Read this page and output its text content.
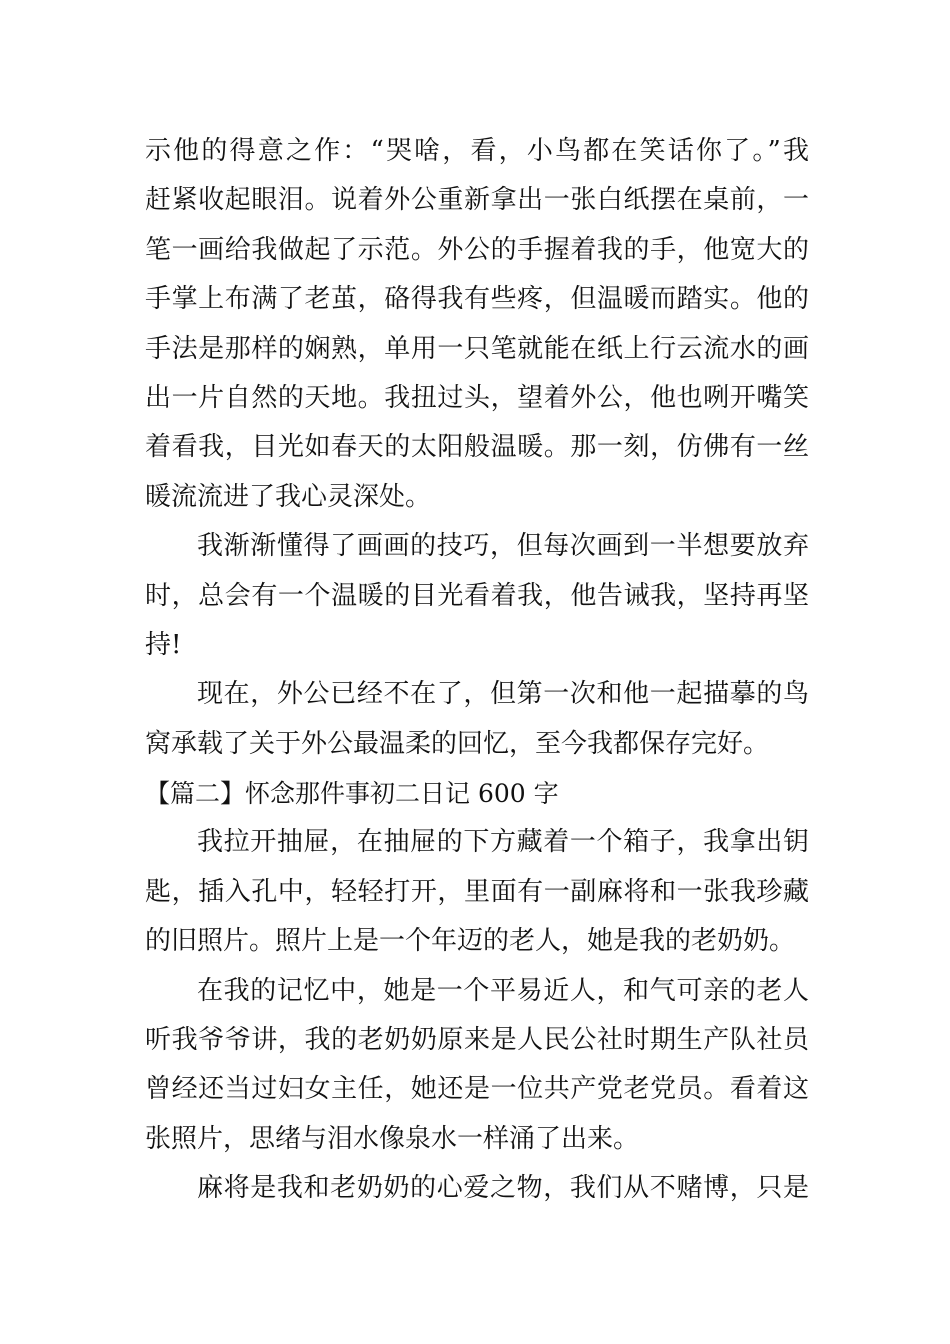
示他的得意之作：“哭啥，看，小鸟都在笑话你了。”我
赶紧收起眼泪。说着外公重新拿出一张白纸摆在桌前，一
笔一画给我做起了示范。外公的手握着我的手，他宽大的
手掌上布满了老茧，硌得我有些疼，但温暖而踏实。他的
手法是那样的娴熟，单用一只笔就能在纸上行云流水的画
出一片自然的天地。我扭过头，望着外公，他也咧开嘴笑
着看我，目光如春天的太阳般温暖。那一刻，仿佛有一丝
暖流流进了我心灵深处。
我渐渐懂得了画画的技巧，但每次画到一半想要放弃
时，总会有一个温暖的目光看着我，他告诫我，坚持再坚
持!
现在，外公已经不在了，但第一次和他一起描摹的鸟
窝承载了关于外公最温柔的回忆，至今我都保存完好。
【篇二】怀念那件事初二日记 600 字
我拉开抽屉，在抽屉的下方藏着一个箱子，我拿出钥
匙，插入孔中，轻轻打开，里面有一副麻将和一张我珍藏
的旧照片。照片上是一个年迈的老人，她是我的老奶奶。
在我的记忆中，她是一个平易近人，和气可亲的老人
听我爷爷讲，我的老奶奶原来是人民公社时期生产队社员
曾经还当过妇女主任，她还是一位共产党老党员。看着这
张照片，思绪与泪水像泉水一样涌了出来。
麻将是我和老奶奶的心爱之物，我们从不赌博，只是
